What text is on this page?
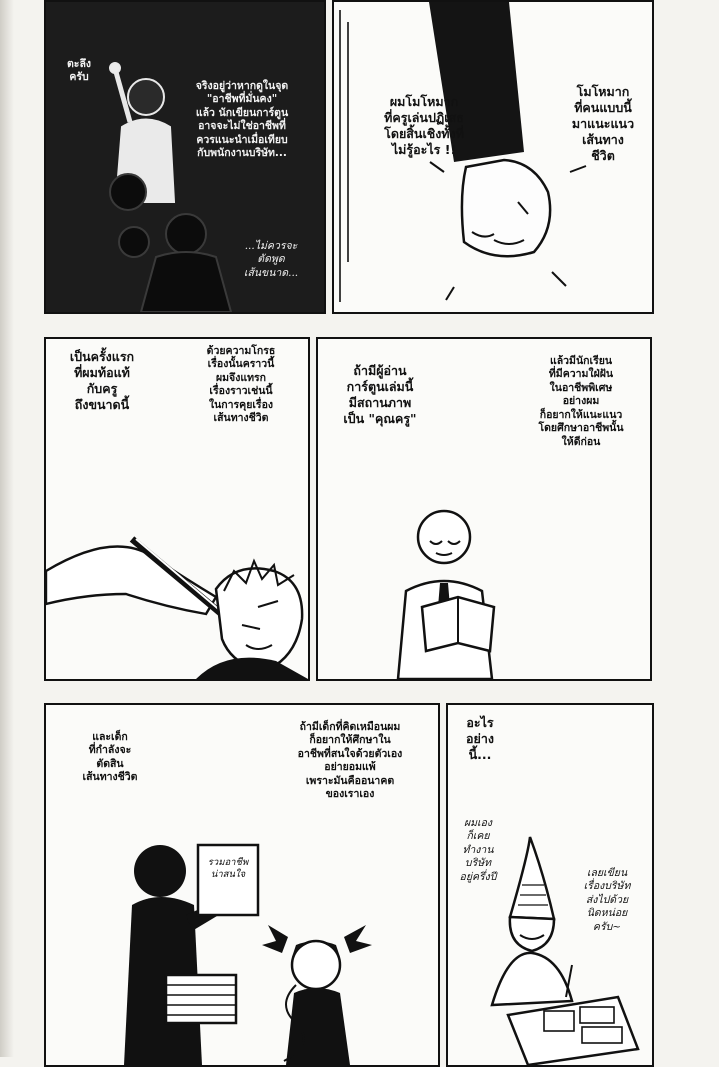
ตะลึง
ครับ
จริงอยู่ว่าหากดูในจุด
"อาชีพที่มั่นคง"
แล้ว นักเขียนการ์ตูน
อาจจะไม่ใช่อาชีพที่
ควรแนะนำเมื่อเทียบ
กับพนักงานบริษัท...
...ไม่ควรจะ
ตัดพูด
เส้นขนาด...
ผมโมโหมาก
ที่ครูเล่นปฏิเสธ
โดยสิ้นเชิงทั้งที่
ไม่รู้อะไร !!
โมโหมาก
ที่คนแบบนี้
มาแนะแนว
เส้นทาง
ชีวิต
เป็นครั้งแรก
ที่ผมท้อแท้
กับครู
ถึงขนาดนี้
ด้วยความโกรธ
เรื่องนั้นคราวนี้
ผมจึงแทรก
เรื่องราวเช่นนี้
ในการคุยเรื่อง
เส้นทางชีวิต
ถ้ามีผู้อ่าน
การ์ตูนเล่มนี้
มีสถานภาพ
เป็น "คุณครู"
แล้วมีนักเรียน
ที่มีความใฝ่ฝัน
ในอาชีพพิเศษ
อย่างผม
ก็อยากให้แนะแนว
โดยศึกษาอาชีพนั้น
ให้ดีก่อน
และเด็ก
ที่กำลังจะ
ตัดสิน
เส้นทางชีวิต
ถ้ามีเด็กที่คิดเหมือนผม
ก็อยากให้ศึกษาใน
อาชีพที่สนใจด้วยตัวเอง
อย่ายอมแพ้
เพราะมันคืออนาคต
ของเราเอง
รวมอาชีพ
น่าสนใจ
อะไร
อย่าง
นี้...
ผมเอง
ก็เคย
ทำงาน
บริษัท
อยู่ครึ่งปี	เลยเขียน
เรื่องบริษัท
ส่งไปด้วย
นิดหน่อย
ครับ~
